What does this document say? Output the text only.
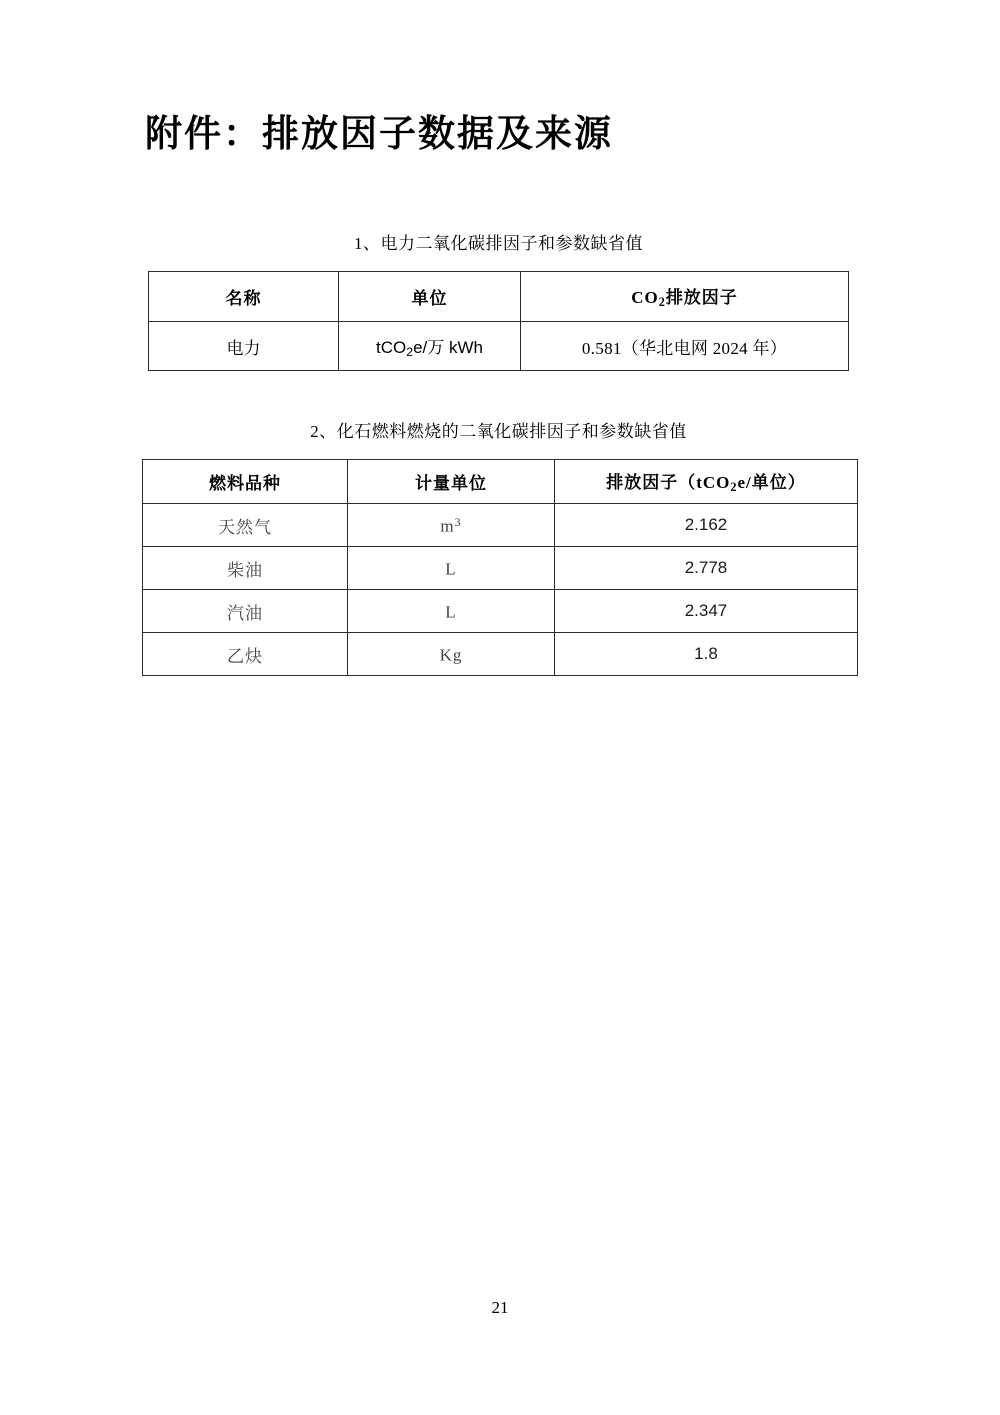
附件：排放因子数据及来源

1、电力二氧化碳排因子和参数缺省值

名称	单位	$CO_2$排放因子
电力	tCO$_2$e/万 kWh	0.581（华北电网 2024 年）

2、化石燃料燃烧的二氧化碳排因子和参数缺省值

燃料品种	计量单位	排放因子（tCO$_2$e/单位）
天然气	$m^3$	2.162
柴油	L	2.778
汽油	L	2.347
乙炔	Kg	1.8
21
